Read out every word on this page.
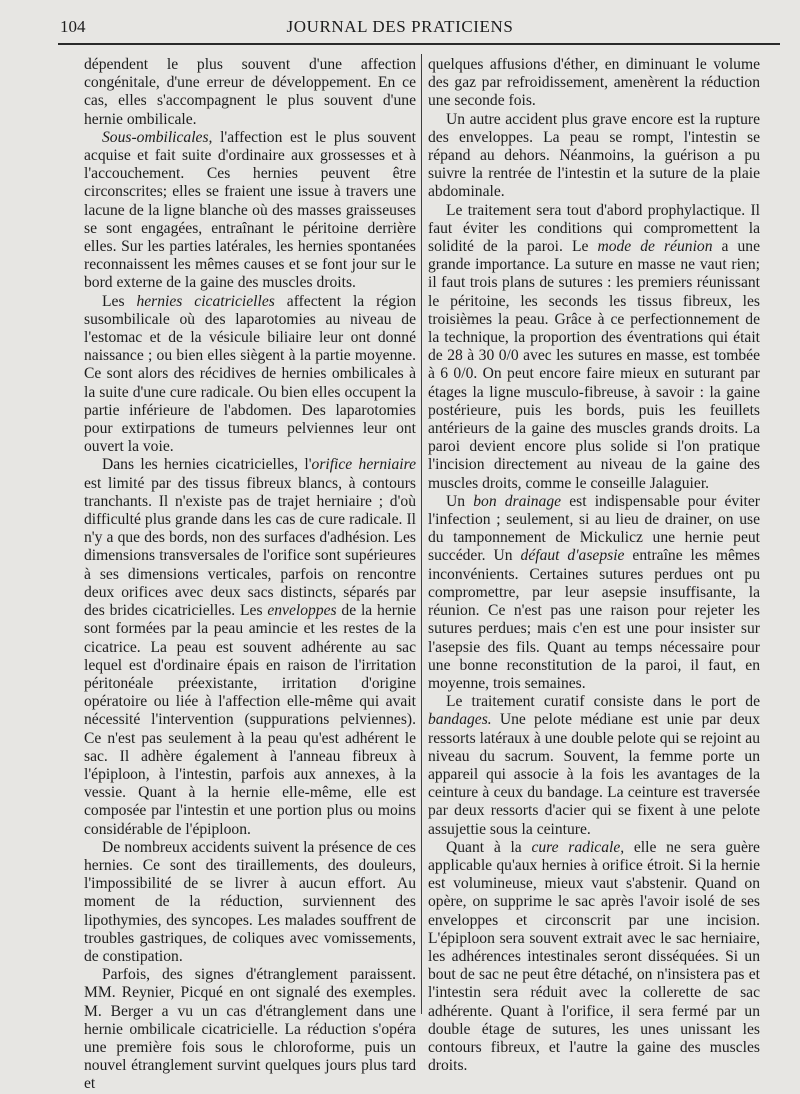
104	JOURNAL DES PRATICIENS

dépendent le plus souvent d'une affection congénitale, d'une erreur de développement. En ce cas, elles s'accompagnent le plus souvent d'une hernie ombilicale.

Sous-ombilicales, l'affection est le plus souvent acquise et fait suite d'ordinaire aux grossesses et à l'accouchement. Ces hernies peuvent être circonscrites; elles se fraient une issue à travers une lacune de la ligne blanche où des masses graisseuses se sont engagées, entraînant le péritoine derrière elles. Sur les parties latérales, les hernies spontanées reconnaissent les mêmes causes et se font jour sur le bord externe de la gaine des muscles droits.

Les hernies cicatricielles affectent la région susombilicale où des laparotomies au niveau de l'estomac et de la vésicule biliaire leur ont donné naissance ; ou bien elles siègent à la partie moyenne. Ce sont alors des récidives de hernies ombilicales à la suite d'une cure radicale. Ou bien elles occupent la partie inférieure de l'abdomen. Des laparotomies pour extirpations de tumeurs pelviennes leur ont ouvert la voie.

Dans les hernies cicatricielles, l'orifice herniaire est limité par des tissus fibreux blancs, à contours tranchants. Il n'existe pas de trajet herniaire ; d'où difficulté plus grande dans les cas de cure radicale. Il n'y a que des bords, non des surfaces d'adhésion. Les dimensions transversales de l'orifice sont supérieures à ses dimensions verticales, parfois on rencontre deux orifices avec deux sacs distincts, séparés par des brides cicatricielles. Les enveloppes de la hernie sont formées par la peau amincie et les restes de la cicatrice. La peau est souvent adhérente au sac lequel est d'ordinaire épais en raison de l'irritation péritonéale préexistante, irritation d'origine opératoire ou liée à l'affection elle-même qui avait nécessité l'intervention (suppurations pelviennes). Ce n'est pas seulement à la peau qu'est adhérent le sac. Il adhère également à l'anneau fibreux à l'épiploon, à l'intestin, parfois aux annexes, à la vessie. Quant à la hernie elle-même, elle est composée par l'intestin et une portion plus ou moins considérable de l'épiploon.

De nombreux accidents suivent la présence de ces hernies. Ce sont des tiraillements, des douleurs, l'impossibilité de se livrer à aucun effort. Au moment de la réduction, surviennent des lipothymies, des syncopes. Les malades souffrent de troubles gastriques, de coliques avec vomissements, de constipation.

Parfois, des signes d'étranglement paraissent. MM. Reynier, Picqué en ont signalé des exemples. M. Berger a vu un cas d'étranglement dans une hernie ombilicale cicatricielle. La réduction s'opéra une première fois sous le chloroforme, puis un nouvel étranglement survint quelques jours plus tard et

quelques affusions d'éther, en diminuant le volume des gaz par refroidissement, amenèrent la réduction une seconde fois.

Un autre accident plus grave encore est la rupture des enveloppes. La peau se rompt, l'intestin se répand au dehors. Néanmoins, la guérison a pu suivre la rentrée de l'intestin et la suture de la plaie abdominale.

Le traitement sera tout d'abord prophylactique. Il faut éviter les conditions qui compromettent la solidité de la paroi. Le mode de réunion a une grande importance. La suture en masse ne vaut rien; il faut trois plans de sutures : les premiers réunissant le péritoine, les seconds les tissus fibreux, les troisièmes la peau. Grâce à ce perfectionnement de la technique, la proportion des éventrations qui était de 28 à 30 0/0 avec les sutures en masse, est tombée à 6 0/0. On peut encore faire mieux en suturant par étages la ligne musculo-fibreuse, à savoir : la gaine postérieure, puis les bords, puis les feuillets antérieurs de la gaine des muscles grands droits. La paroi devient encore plus solide si l'on pratique l'incision directement au niveau de la gaine des muscles droits, comme le conseille Jalaguier.

Un bon drainage est indispensable pour éviter l'infection ; seulement, si au lieu de drainer, on use du tamponnement de Mickulicz une hernie peut succéder. Un défaut d'asepsie entraîne les mêmes inconvénients. Certaines sutures perdues ont pu compromettre, par leur asepsie insuffisante, la réunion. Ce n'est pas une raison pour rejeter les sutures perdues; mais c'en est une pour insister sur l'asepsie des fils. Quant au temps nécessaire pour une bonne reconstitution de la paroi, il faut, en moyenne, trois semaines.

Le traitement curatif consiste dans le port de bandages. Une pelote médiane est unie par deux ressorts latéraux à une double pelote qui se rejoint au niveau du sacrum. Souvent, la femme porte un appareil qui associe à la fois les avantages de la ceinture à ceux du bandage. La ceinture est traversée par deux ressorts d'acier qui se fixent à une pelote assujettie sous la ceinture.

Quant à la cure radicale, elle ne sera guère applicable qu'aux hernies à orifice étroit. Si la hernie est volumineuse, mieux vaut s'abstenir. Quand on opère, on supprime le sac après l'avoir isolé de ses enveloppes et circonscrit par une incision. L'épiploon sera souvent extrait avec le sac herniaire, les adhérences intestinales seront disséquées. Si un bout de sac ne peut être détaché, on n'insistera pas et l'intestin sera réduit avec la collerette de sac adhérente. Quant à l'orifice, il sera fermé par un double étage de sutures, les unes unissant les contours fibreux, et l'autre la gaine des muscles droits.
